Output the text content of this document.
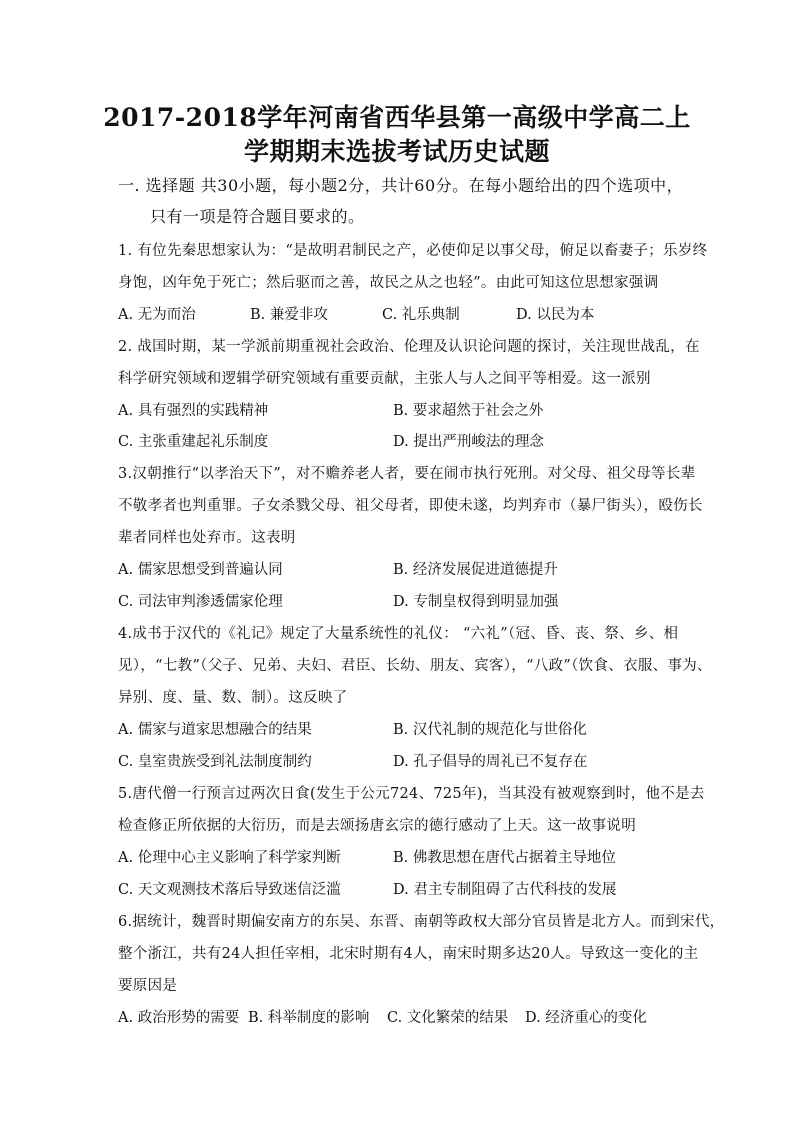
2017-2018学年河南省西华县第一高级中学高二上
学期期末选拔考试历史试题
一. 选择题 共30小题，每小题2分，共计60分。在每小题给出的四个选项中，
只有一项是符合题目要求的。
1. 有位先秦思想家认为：“是故明君制民之产，必使仰足以事父母，俯足以畜妻子；乐岁终
身饱，凶年免于死亡；然后驱而之善，故民之从之也轻”。由此可知这位思想家强调
A. 无为而治	B. 兼爱非攻	C. 礼乐典制	D. 以民为本
2. 战国时期，某一学派前期重视社会政治、伦理及认识论问题的探讨，关注现世战乱，在
科学研究领域和逻辑学研究领域有重要贡献，主张人与人之间平等相爱。这一派别
A. 具有强烈的实践精神	B. 要求超然于社会之外
C. 主张重建起礼乐制度	D. 提出严刑峻法的理念
3.汉朝推行“以孝治天下”，对不赡养老人者，要在闹市执行死刑。对父母、祖父母等长辈
不敬孝者也判重罪。子女杀戮父母、祖父母者，即使未遂，均判弃市（暴尸街头），殴伤长
辈者同样也处弃市。这表明
A. 儒家思想受到普遍认同	B. 经济发展促进道德提升
C. 司法审判渗透儒家伦理	D. 专制皇权得到明显加强
4.成书于汉代的《礼记》规定了大量系统性的礼仪： “六礼”（冠、昏、丧、祭、乡、相
见），“七教”（父子、兄弟、夫妇、君臣、长幼、朋友、宾客），“八政”（饮食、衣服、事为、
异别、度、量、数、制）。这反映了
A. 儒家与道家思想融合的结果	B. 汉代礼制的规范化与世俗化
C. 皇室贵族受到礼法制度制约	D. 孔子倡导的周礼已不复存在
5.唐代僧一行预言过两次日食(发生于公元724、725年)，当其没有被观察到时，他不是去
检查修正所依据的大衍历，而是去颂扬唐玄宗的德行感动了上天。这一故事说明
A. 伦理中心主义影响了科学家判断	B. 佛教思想在唐代占据着主导地位
C. 天文观测技术落后导致迷信泛滥	D. 君主专制阻碍了古代科技的发展
6.据统计，魏晋时期偏安南方的东吴、东晋、南朝等政权大部分官员皆是北方人。而到宋代，
整个浙江，共有24人担任宰相，北宋时期有4人，南宋时期多达20人。导致这一变化的主
要原因是
A. 政治形势的需要 B. 科举制度的影响 C. 文化繁荣的结果 D. 经济重心的变化
